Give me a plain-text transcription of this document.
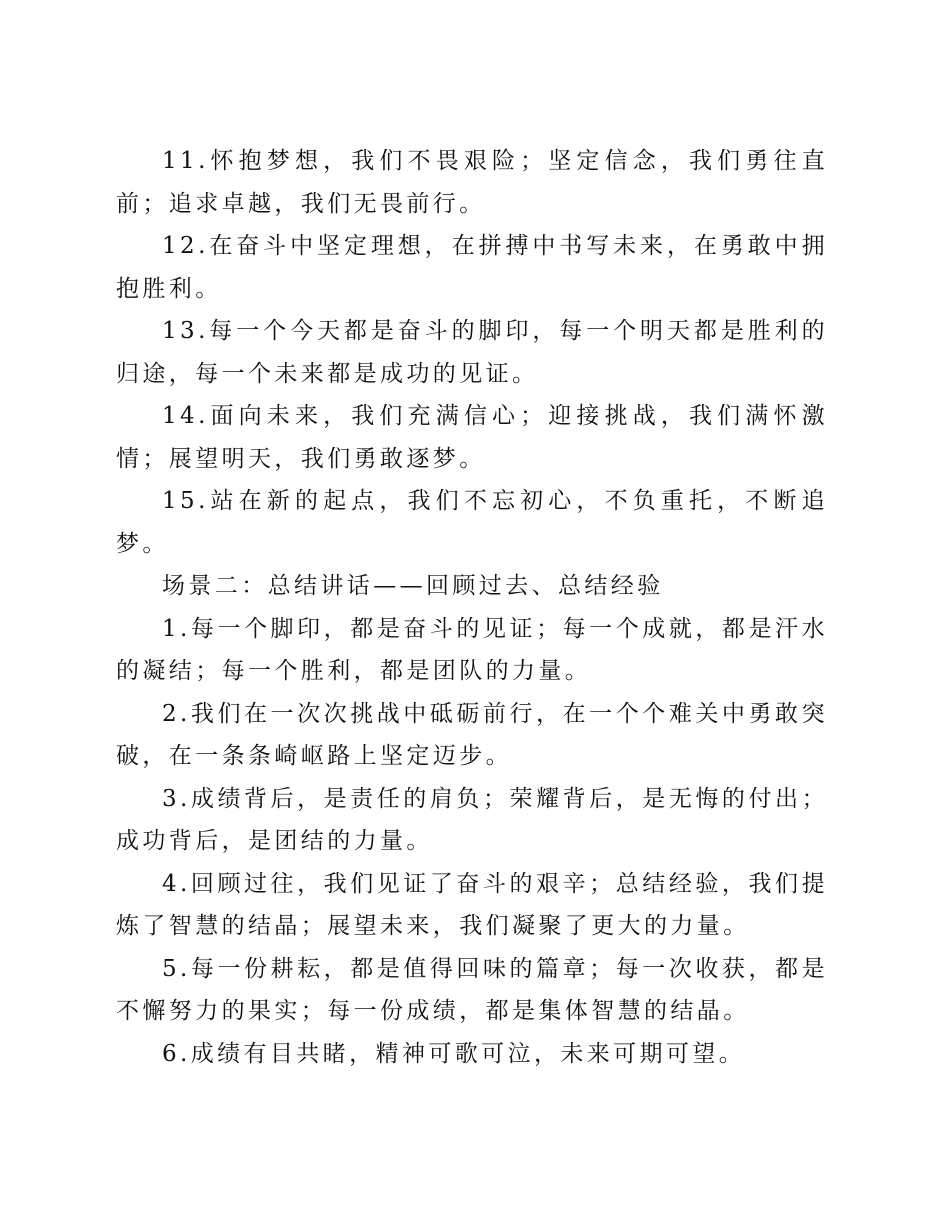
11.怀抱梦想，我们不畏艰险；坚定信念，我们勇往直前；追求卓越，我们无畏前行。

12.在奋斗中坚定理想，在拼搏中书写未来，在勇敢中拥抱胜利。

13.每一个今天都是奋斗的脚印，每一个明天都是胜利的归途，每一个未来都是成功的见证。

14.面向未来，我们充满信心；迎接挑战，我们满怀激情；展望明天，我们勇敢逐梦。

15.站在新的起点，我们不忘初心，不负重托，不断追梦。

场景二：总结讲话——回顾过去、总结经验

1.每一个脚印，都是奋斗的见证；每一个成就，都是汗水的凝结；每一个胜利，都是团队的力量。

2.我们在一次次挑战中砥砺前行，在一个个难关中勇敢突破，在一条条崎岖路上坚定迈步。

3.成绩背后，是责任的肩负；荣耀背后，是无悔的付出；成功背后，是团结的力量。

4.回顾过往，我们见证了奋斗的艰辛；总结经验，我们提炼了智慧的结晶；展望未来，我们凝聚了更大的力量。

5.每一份耕耘，都是值得回味的篇章；每一次收获，都是不懈努力的果实；每一份成绩，都是集体智慧的结晶。

6.成绩有目共睹，精神可歌可泣，未来可期可望。
